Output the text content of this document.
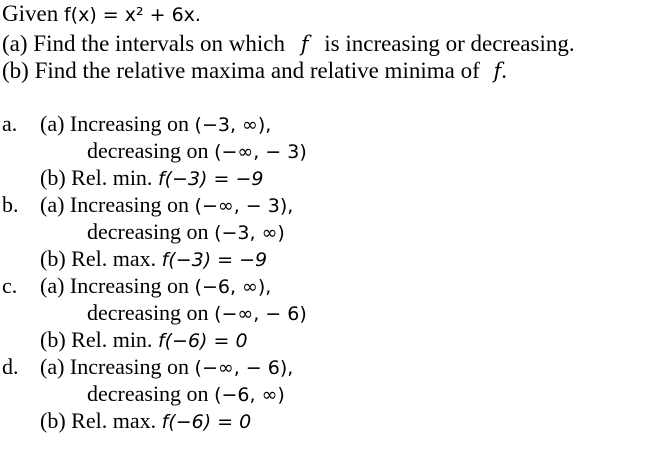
Given f(x) = x² + 6x.
(a) Find the intervals on which f is increasing or decreasing.
(b) Find the relative maxima and relative minima of f.
a.	(a) Increasing on (−3, ∞),
decreasing on (−∞, − 3)
(b) Rel. min. f(−3) = −9
b. (a) Increasing on (−∞, − 3),
decreasing on (−3, ∞)
(b) Rel. max. f(−3) = −9
c.	(a) Increasing on (−6, ∞),
decreasing on (−∞, − 6)
(b) Rel. min. f(−6) = 0
d. (a) Increasing on (−∞, − 6),
decreasing on (−6, ∞)
(b) Rel. max. f(−6) = 0
